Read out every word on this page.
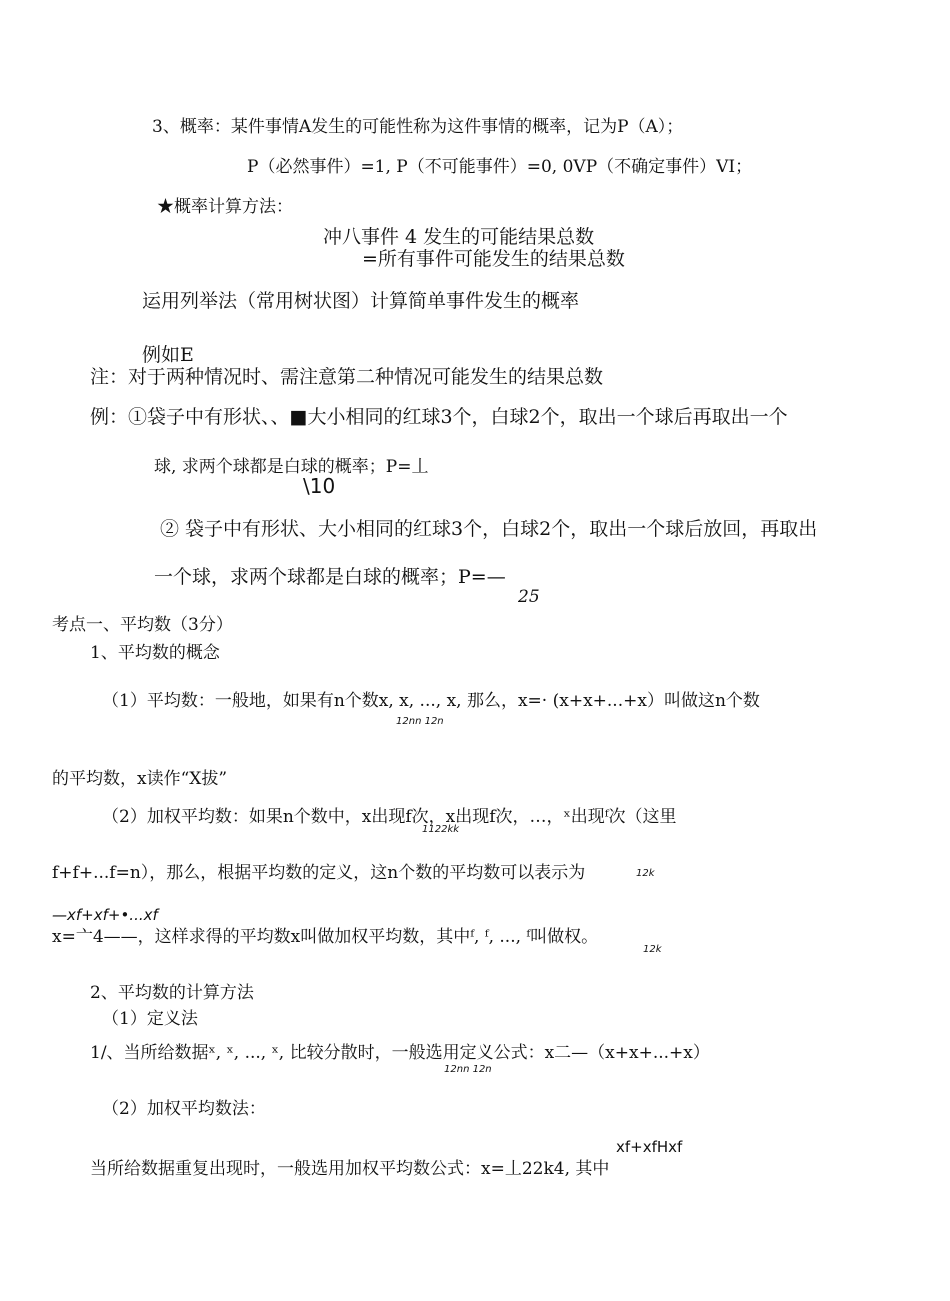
3、概率：某件事情A发生的可能性称为这件事情的概率，记为P（A）；
P（必然事件）=1, P（不可能事件）=0, 0VP（不确定事件）VI；
★概率计算方法：
冲八事件 4 发生的可能结果总数
=所有事件可能发生的结果总数
运用列举法（常用树状图）计算简单事件发生的概率
例如E
注：对于两种情况时、需注意第二种情况可能发生的结果总数
例：①袋子中有形状、、■大小相同的红球3个，白球2个，取出一个球后再取出一个
球, 求两个球都是白球的概率；P=丄
\10
② 袋子中有形状、大小相同的红球3个，白球2个，取出一个球后放回，再取出
一个球，求两个球都是白球的概率；P=—
25
考点一、平均数（3分）
1、平均数的概念
（1）平均数：一般地，如果有n个数x, x, ..., x, 那么，x=· (x+x+...+x）叫做这n个数
12nn 12n
的平均数，x读作“X拔”
（2）加权平均数：如果n个数中，x出现f次，x出现f次，…，ˣ出现ᶠ次（这里
1122kk
f+f+...f=n），那么，根据平均数的定义，这n个数的平均数可以表示为	12k
—xf+xf+•...xf
x=亠4——，这样求得的平均数x叫做加权平均数，其中ᶠ, ᶠ, ..., ᶠ叫做权。
12k
2、平均数的计算方法
（1）定义法
1/、当所给数据ˣ, ˣ, ..., ˣ, 比较分散时，一般选用定义公式：x二—（x+x+...+x）
12nn 12n
（2）加权平均数法：
xf+xfHxf
当所给数据重复出现时，一般选用加权平均数公式：x=丄22k4, 其中
